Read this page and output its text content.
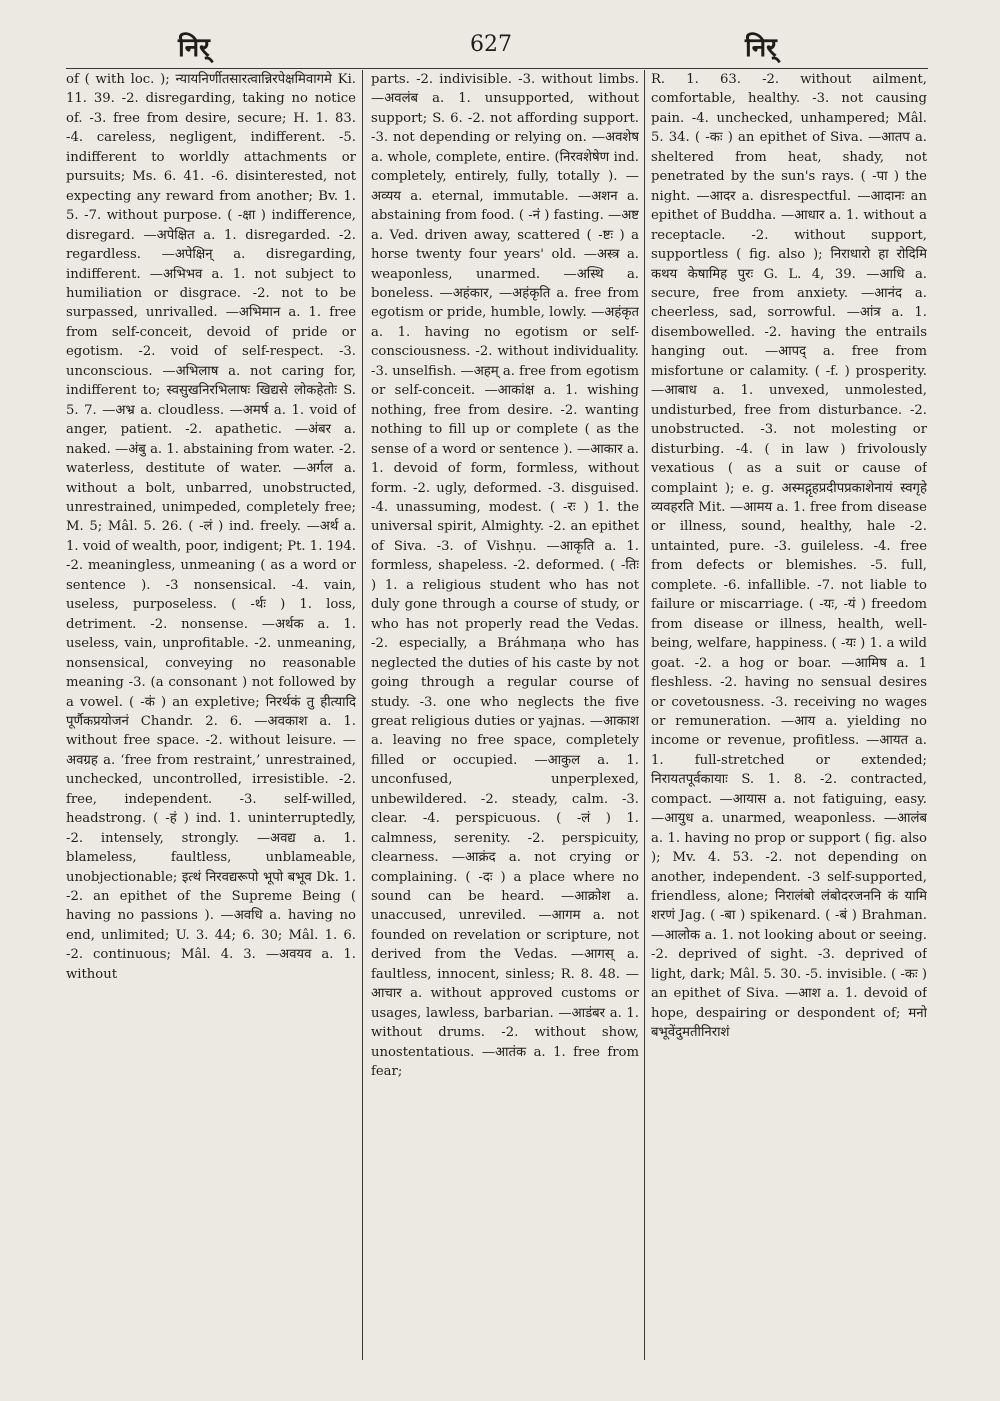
निर्	627	निर्

of ( with loc. ); न्यायनिर्णीतसारत्वान्निरपेक्षमिवागमे Ki. 11. 39. -2. disregarding, taking no notice of. -3. free from desire, secure; H. 1. 83. -4. careless, negligent, indifferent. -5. indifferent to worldly attachments or pursuits; Ms. 6. 41. -6. disinterested, not expecting any reward from another; Bv. 1. 5. -7. without purpose. ( -क्षा ) indifference, disregard. —अपेक्षित a. 1. disregarded. -2. regardless. —अपेक्षिन् a. disregarding, indifferent. —अभिभव a. 1. not subject to humiliation or disgrace. -2. not to be surpassed, unrivalled. —अभिमान a. 1. free from self-conceit, devoid of pride or egotism. -2. void of self-respect. -3. unconscious. —अभिलाष a. not caring for, indifferent to; स्वसुखनिरभिलाषः खिद्यसे लोकहेतोः S. 5. 7. —अभ्र a. cloudless. —अमर्ष a. 1. void of anger, patient. -2. apathetic. —अंबर a. naked. —अंबु a. 1. abstaining from water. -2. waterless, destitute of water. —अर्गल a. without a bolt, unbarred, unobstructed, unrestrained, unimpeded, completely free; M. 5; Mâl. 5. 26. ( -लं ) ind. freely. —अर्थ a. 1. void of wealth, poor, indigent; Pt. 1. 194. -2. meaningless, unmeaning ( as a word or sentence ). -3 nonsensical. -4. vain, useless, purposeless. ( -र्थः ) 1. loss, detriment. -2. nonsense. —अर्थक a. 1. useless, vain, unprofitable. -2. unmeaning, nonsensical, conveying no reasonable meaning -3. (a consonant ) not followed by a vowel. ( -कं ) an expletive; निरर्थकं तु हीत्यादि पूर्णैकप्रयोजनं Chandr. 2. 6. —अवकाश a. 1. without free space. -2. without leisure. —अवग्रह a. ‘free from restraint,’ unrestrained, unchecked, uncontrolled, irresistible. -2. free, independent. -3. self-willed, headstrong. ( -हं ) ind. 1. uninterruptedly, -2. intensely, strongly. —अवद्य a. 1. blameless, faultless, unblameable, unobjectionable; इत्थं निरवद्यरूपो भूपो बभूव Dk. 1. -2. an epithet of the Supreme Being ( having no passions ). —अवधि a. having no end, unlimited; U. 3. 44; 6. 30; Mâl. 1. 6. -2. continuous; Mâl. 4. 3. —अवयव a. 1. without

parts. -2. indivisible. -3. without limbs. —अवलंब a. 1. unsupported, without support; S. 6. -2. not affording support. -3. not depending or relying on. —अवशेष a. whole, complete, entire. (निरवशेषेण ind. completely, entirely, fully, totally ). —अव्यय a. eternal, immutable. —अशन a. abstaining from food. ( -नं ) fasting. —अष्ट a. Ved. driven away, scattered ( -ष्टः ) a horse twenty four years' old. —अस्त्र a. weaponless, unarmed. —अस्थि a. boneless. —अहंकार, —अहंकृति a. free from egotism or pride, humble, lowly. —अहंकृत a. 1. having no egotism or self-consciousness. -2. without individuality. -3. unselfish. —अहम् a. free from egotism or self-conceit. —आकांक्ष a. 1. wishing nothing, free from desire. -2. wanting nothing to fill up or complete ( as the sense of a word or sentence ). —आकार a. 1. devoid of form, formless, without form. -2. ugly, deformed. -3. disguised. -4. unassuming, modest. ( -रः ) 1. the universal spirit, Almighty. -2. an epithet of Siva. -3. of Vishṇu. —आकृति a. 1. formless, shapeless. -2. deformed. ( -तिः ) 1. a religious student who has not duly gone through a course of study, or who has not properly read the Vedas. -2. especially, a Bráhmaṇa who has neglected the duties of his caste by not going through a regular course of study. -3. one who neglects the five great religious duties or yajnas. —आकाश a. leaving no free space, completely filled or occupied. —आकुल a. 1. unconfused, unperplexed, unbewildered. -2. steady, calm. -3. clear. -4. perspicuous. ( -लं ) 1. calmness, serenity. -2. perspicuity, clearness. —आक्रंद a. not crying or complaining. ( -दः ) a place where no sound can be heard. —आक्रोश a. unaccused, unreviled. —आगम a. not founded on revelation or scripture, not derived from the Vedas. —आगस् a. faultless, innocent, sinless; R. 8. 48. —आचार a. without approved customs or usages, lawless, barbarian. —आडंबर a. 1. without drums. -2. without show, unostentatious. —आतंक a. 1. free from fear;

R. 1. 63. -2. without ailment, comfortable, healthy. -3. not causing pain. -4. unchecked, unhampered; Mâl. 5. 34. ( -कः ) an epithet of Siva. —आतप a. sheltered from heat, shady, not penetrated by the sun's rays. ( -पा ) the night. —आदर a. disrespectful. —आदानः an epithet of Buddha. —आधार a. 1. without a receptacle. -2. without support, supportless ( fig. also ); निराधारो हा रोदिमि कथय केषामिह पुरः G. L. 4, 39. —आधि a. secure, free from anxiety. —आनंद a. cheerless, sad, sorrowful. —आंत्र a. 1. disembowelled. -2. having the entrails hanging out. —आपद् a. free from misfortune or calamity. ( -f. ) prosperity. —आबाध a. 1. unvexed, unmolested, undisturbed, free from disturbance. -2. unobstructed. -3. not molesting or disturbing. -4. ( in law ) frivolously vexatious ( as a suit or cause of complaint ); e. g. अस्मद्गृहप्रदीपप्रकाशेनायं स्वगृहे व्यवहरति Mit. —आमय a. 1. free from disease or illness, sound, healthy, hale -2. untainted, pure. -3. guileless. -4. free from defects or blemishes. -5. full, complete. -6. infallible. -7. not liable to failure or miscarriage. ( -यः, -यं ) freedom from disease or illness, health, well-being, welfare, happiness. ( -यः ) 1. a wild goat. -2. a hog or boar. —आमिष a. 1 fleshless. -2. having no sensual desires or covetousness. -3. receiving no wages or remuneration. —आय a. yielding no income or revenue, profitless. —आयत a. 1. full-stretched or extended; निरायतपूर्वकायाः S. 1. 8. -2. contracted, compact. —आयास a. not fatiguing, easy. —आयुध a. unarmed, weaponless. —आलंब a. 1. having no prop or support ( fig. also ); Mv. 4. 53. -2. not depending on another, independent. -3 self-supported, friendless, alone; निरालंबो लंबोदरजननि कं यामि शरणं Jag. ( -बा ) spikenard. ( -बं ) Brahman. —आलोक a. 1. not looking about or seeing. -2. deprived of sight. -3. deprived of light, dark; Mâl. 5. 30. -5. invisible. ( -कः ) an epithet of Siva. —आश a. 1. devoid of hope, despairing or despondent of; मनो बभूवेंदुमतीनिराशं
